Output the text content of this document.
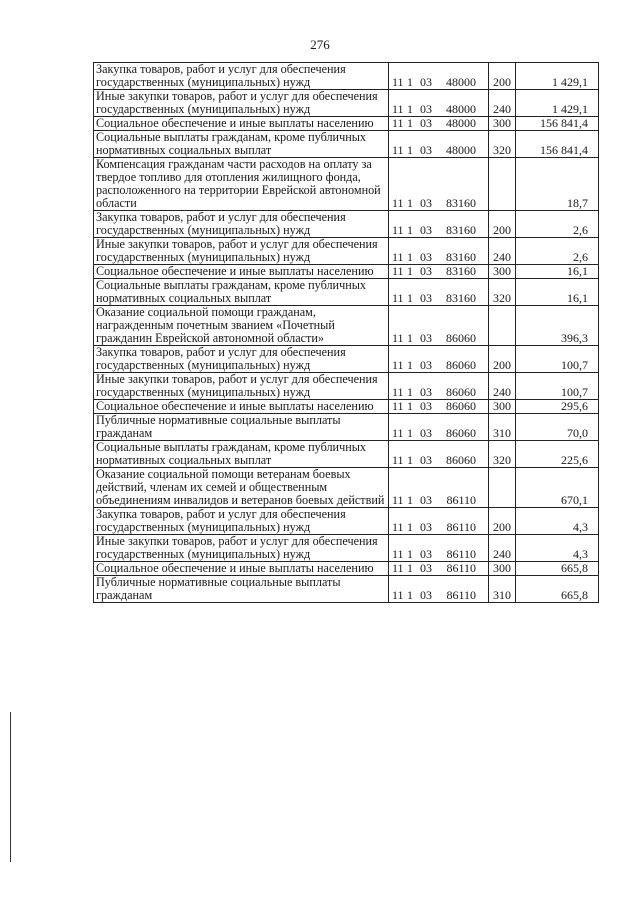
276
Закупка товаров, работ и услуг для обеспечения государственных (муниципальных) нужд	11 1 03 48000	200	1 429,1
Иные закупки товаров, работ и услуг для обеспечения государственных (муниципальных) нужд	11 1 03 48000	240	1 429,1
Социальное обеспечение и иные выплаты населению	11 1 03 48000	300	156 841,4
Социальные выплаты гражданам, кроме публичных нормативных социальных выплат	11 1 03 48000	320	156 841,4
Компенсация гражданам части расходов на оплату за твердое топливо для отопления жилищного фонда, расположенного на территории Еврейской автономной области	11 1 03 83160		18,7
Закупка товаров, работ и услуг для обеспечения государственных (муниципальных) нужд	11 1 03 83160	200	2,6
Иные закупки товаров, работ и услуг для обеспечения государственных (муниципальных) нужд	11 1 03 83160	240	2,6
Социальное обеспечение и иные выплаты населению	11 1 03 83160	300	16,1
Социальные выплаты гражданам, кроме публичных нормативных социальных выплат	11 1 03 83160	320	16,1
Оказание социальной помощи гражданам, награжденным почетным званием «Почетный гражданин Еврейской автономной области»	11 1 03 86060		396,3
Закупка товаров, работ и услуг для обеспечения государственных (муниципальных) нужд	11 1 03 86060	200	100,7
Иные закупки товаров, работ и услуг для обеспечения государственных (муниципальных) нужд	11 1 03 86060	240	100,7
Социальное обеспечение и иные выплаты населению	11 1 03 86060	300	295,6
Публичные нормативные социальные выплаты гражданам	11 1 03 86060	310	70,0
Социальные выплаты гражданам, кроме публичных нормативных социальных выплат	11 1 03 86060	320	225,6
Оказание социальной помощи ветеранам боевых действий, членам их семей и общественным объединениям инвалидов и ветеранов боевых действий	11 1 03 86110		670,1
Закупка товаров, работ и услуг для обеспечения государственных (муниципальных) нужд	11 1 03 86110	200	4,3
Иные закупки товаров, работ и услуг для обеспечения государственных (муниципальных) нужд	11 1 03 86110	240	4,3
Социальное обеспечение и иные выплаты населению	11 1 03 86110	300	665,8
Публичные нормативные социальные выплаты гражданам	11 1 03 86110	310	665,8
